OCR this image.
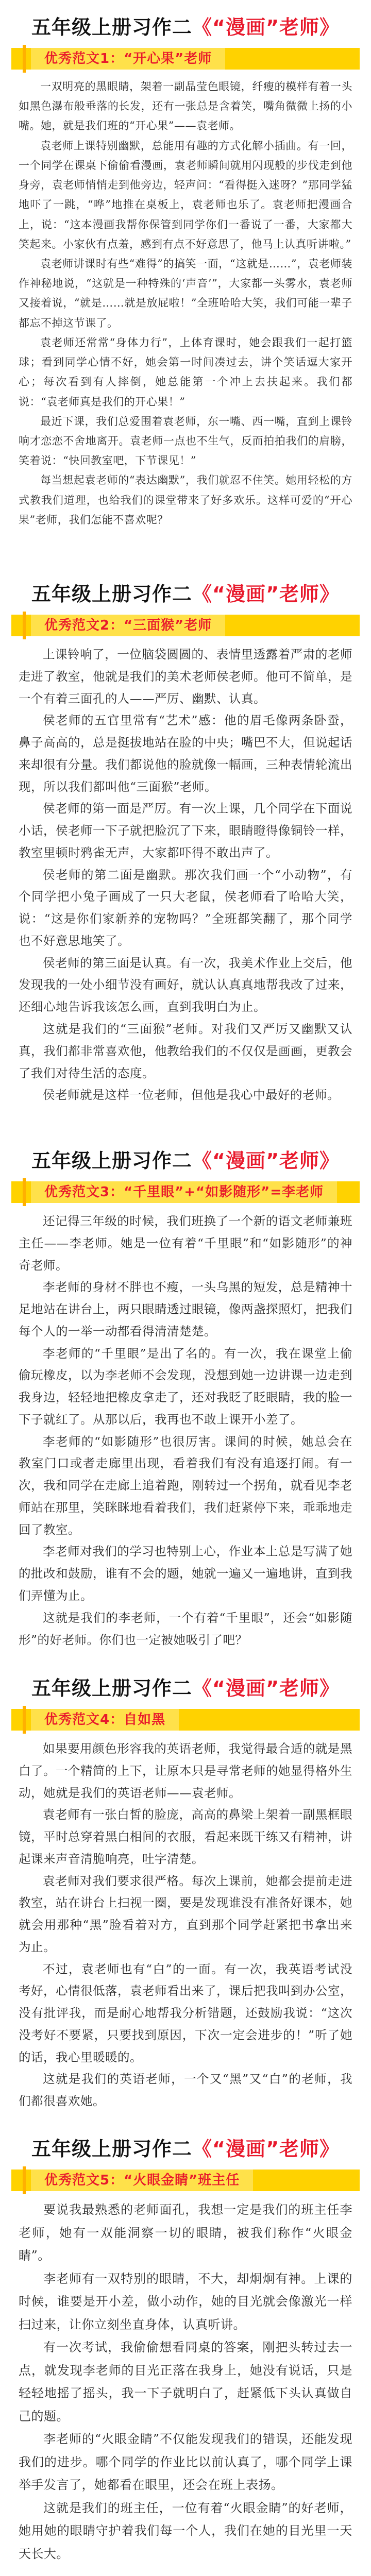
五年级上册习作二《“漫画”老师》
优秀范文1：“开心果”老师

一双明亮的黑眼睛，架着一副晶莹色眼镜，纤瘦的模样有着一头如黑色瀑布般垂落的长发，还有一张总是含着笑，嘴角微微上扬的小嘴。她，就是我们班的“开心果”——袁老师。

袁老师上课特别幽默，总能用有趣的方式化解小插曲。有一回，一个同学在课桌下偷偷看漫画，袁老师瞬间就用闪现般的步伐走到他身旁，袁老师悄悄走到他旁边，轻声问：“看得挺入迷呀？”那同学猛地吓了一跳，“哗”地推在桌板上，袁老师也乐了。袁老师把漫画合上，说：“这本漫画我帮你保管到同学你们一番说了一番，大家都大笑起来。小家伙有点羞，感到有点不好意思了，他马上认真听讲啦。”

袁老师讲课时有些“难得”的搞笑一面，“这就是……”，袁老师装作神秘地说，“这就是一种特殊的‘声音’”，大家都一头雾水，袁老师又接着说，“就是……就是放屁啦！”全班哈哈大笑，我们可能一辈子都忘不掉这节课了。

袁老师还常常“身体力行”，上体育课时，她会跟我们一起打篮球；看到同学心情不好，她会第一时间凑过去，讲个笑话逗大家开心；每次看到有人摔倒，她总能第一个冲上去扶起来。我们都说：“袁老师真是我们的开心果！”

最近下课，我们总爱围着袁老师，东一嘴、西一嘴，直到上课铃响才恋恋不舍地离开。袁老师一点也不生气，反而拍拍我们的肩膀，笑着说：“快回教室吧，下节课见！”

每当想起袁老师的“表达幽默”，我们就忍不住笑。她用轻松的方式教我们道理，也给我们的课堂带来了好多欢乐。这样可爱的“开心果”老师，我们怎能不喜欢呢？

五年级上册习作二《“漫画”老师》
优秀范文2：“三面猴”老师

上课铃响了，一位脑袋圆圆的、表情里透露着严肃的老师走进了教室，他就是我们的美术老师侯老师。他可不简单，是一个有着三面孔的人——严厉、幽默、认真。

侯老师的五官里常有“艺术”感：他的眉毛像两条卧蚕，鼻子高高的，总是挺拔地站在脸的中央；嘴巴不大，但说起话来却很有分量。我们都说他的脸就像一幅画，三种表情轮流出现，所以我们都叫他“三面猴”老师。

侯老师的第一面是严厉。有一次上课，几个同学在下面说小话，侯老师一下子就把脸沉了下来，眼睛瞪得像铜铃一样，教室里顿时鸦雀无声，大家都吓得不敢出声了。

侯老师的第二面是幽默。那次我们画一个“小动物”，有个同学把小兔子画成了一只大老鼠，侯老师看了哈哈大笑，说：“这是你们家新养的宠物吗？”全班都笑翻了，那个同学也不好意思地笑了。

侯老师的第三面是认真。有一次，我美术作业上交后，他发现我的一处小细节没有画好，就认认真真地帮我改了过来，还细心地告诉我该怎么画，直到我明白为止。

这就是我们的“三面猴”老师。对我们又严厉又幽默又认真，我们都非常喜欢他，他教给我们的不仅仅是画画，更教会了我们对待生活的态度。

侯老师就是这样一位老师，但他是我心中最好的老师。

五年级上册习作二《“漫画”老师》
优秀范文3：“千里眼”+“如影随形”=李老师

还记得三年级的时候，我们班换了一个新的语文老师兼班主任——李老师。她是一位有着“千里眼”和“如影随形”的神奇老师。

李老师的身材不胖也不瘦，一头乌黑的短发，总是精神十足地站在讲台上，两只眼睛透过眼镜，像两盏探照灯，把我们每个人的一举一动都看得清清楚楚。

李老师的“千里眼”是出了名的。有一次，我在课堂上偷偷玩橡皮，以为李老师不会发现，没想到她一边讲课一边走到我身边，轻轻地把橡皮拿走了，还对我眨了眨眼睛，我的脸一下子就红了。从那以后，我再也不敢上课开小差了。

李老师的“如影随形”也很厉害。课间的时候，她总会在教室门口或者走廊里出现，看着我们有没有追逐打闹。有一次，我和同学在走廊上追着跑，刚转过一个拐角，就看见李老师站在那里，笑眯眯地看着我们，我们赶紧停下来，乖乖地走回了教室。

李老师对我们的学习也特别上心，作业本上总是写满了她的批改和鼓励，谁有不会的题，她就一遍又一遍地讲，直到我们弄懂为止。

这就是我们的李老师，一个有着“千里眼”，还会“如影随形”的好老师。你们也一定被她吸引了吧？

五年级上册习作二《“漫画”老师》
优秀范文4：自如黑

如果要用颜色形容我的英语老师，我觉得最合适的就是黑白了。一个精简的上下，让原本只是寻常老师的她显得格外生动，她就是我们的英语老师——袁老师。

袁老师有一张白皙的脸庞，高高的鼻梁上架着一副黑框眼镜，平时总穿着黑白相间的衣服，看起来既干练又有精神，讲起课来声音清脆响亮，吐字清楚。

袁老师对我们要求很严格。每次上课前，她都会提前走进教室，站在讲台上扫视一圈，要是发现谁没有准备好课本，她就会用那种“黑”脸看着对方，直到那个同学赶紧把书拿出来为止。

不过，袁老师也有“白”的一面。有一次，我英语考试没考好，心情很低落，袁老师看出来了，课后把我叫到办公室，没有批评我，而是耐心地帮我分析错题，还鼓励我说：“这次没考好不要紧，只要找到原因，下次一定会进步的！”听了她的话，我心里暖暖的。

这就是我们的英语老师，一个又“黑”又“白”的老师，我们都很喜欢她。

五年级上册习作二《“漫画”老师》
优秀范文5：“火眼金睛”班主任

要说我最熟悉的老师面孔，我想一定是我们的班主任李老师，她有一双能洞察一切的眼睛，被我们称作“火眼金睛”。

李老师有一双特别的眼睛，不大，却炯炯有神。上课的时候，谁要是开小差，做小动作，她的目光就会像激光一样扫过来，让你立刻坐直身体，认真听讲。

有一次考试，我偷偷想看同桌的答案，刚把头转过去一点，就发现李老师的目光正落在我身上，她没有说话，只是轻轻地摇了摇头，我一下子就明白了，赶紧低下头认真做自己的题。

李老师的“火眼金睛”不仅能发现我们的错误，还能发现我们的进步。哪个同学的作业比以前认真了，哪个同学上课举手发言了，她都看在眼里，还会在班上表扬。

这就是我们的班主任，一位有着“火眼金睛”的好老师，她用她的眼睛守护着我们每一个人，我们在她的目光里一天天长大。
